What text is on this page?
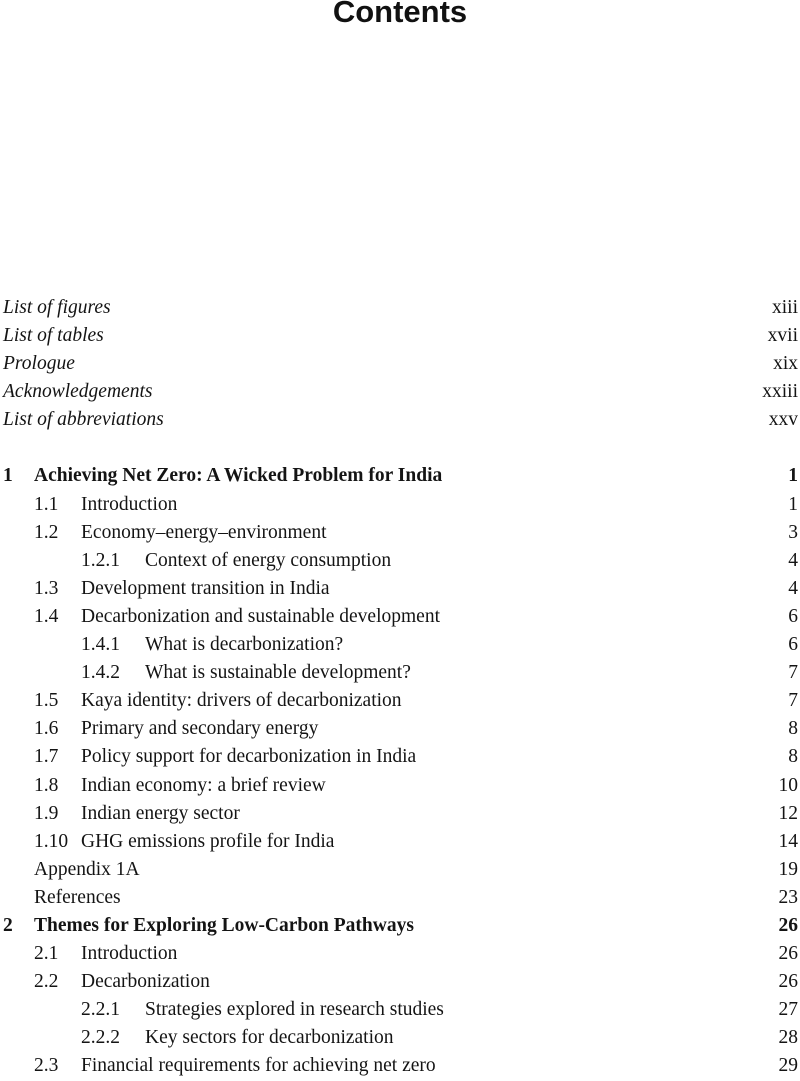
Contents
List of figures	xiii
List of tables	xvii
Prologue	xix
Acknowledgements	xxiii
List of abbreviations	xxv
1 Achieving Net Zero: A Wicked Problem for India	1
1.1 Introduction	1
1.2 Economy–energy–environment	3
1.2.1 Context of energy consumption	4
1.3 Development transition in India	4
1.4 Decarbonization and sustainable development	6
1.4.1 What is decarbonization?	6
1.4.2 What is sustainable development?	7
1.5 Kaya identity: drivers of decarbonization	7
1.6 Primary and secondary energy	8
1.7 Policy support for decarbonization in India	8
1.8 Indian economy: a brief review	10
1.9 Indian energy sector	12
1.10 GHG emissions profile for India	14
Appendix 1A	19
References	23
2 Themes for Exploring Low-Carbon Pathways	26
2.1 Introduction	26
2.2 Decarbonization	26
2.2.1 Strategies explored in research studies	27
2.2.2 Key sectors for decarbonization	28
2.3 Financial requirements for achieving net zero	29
